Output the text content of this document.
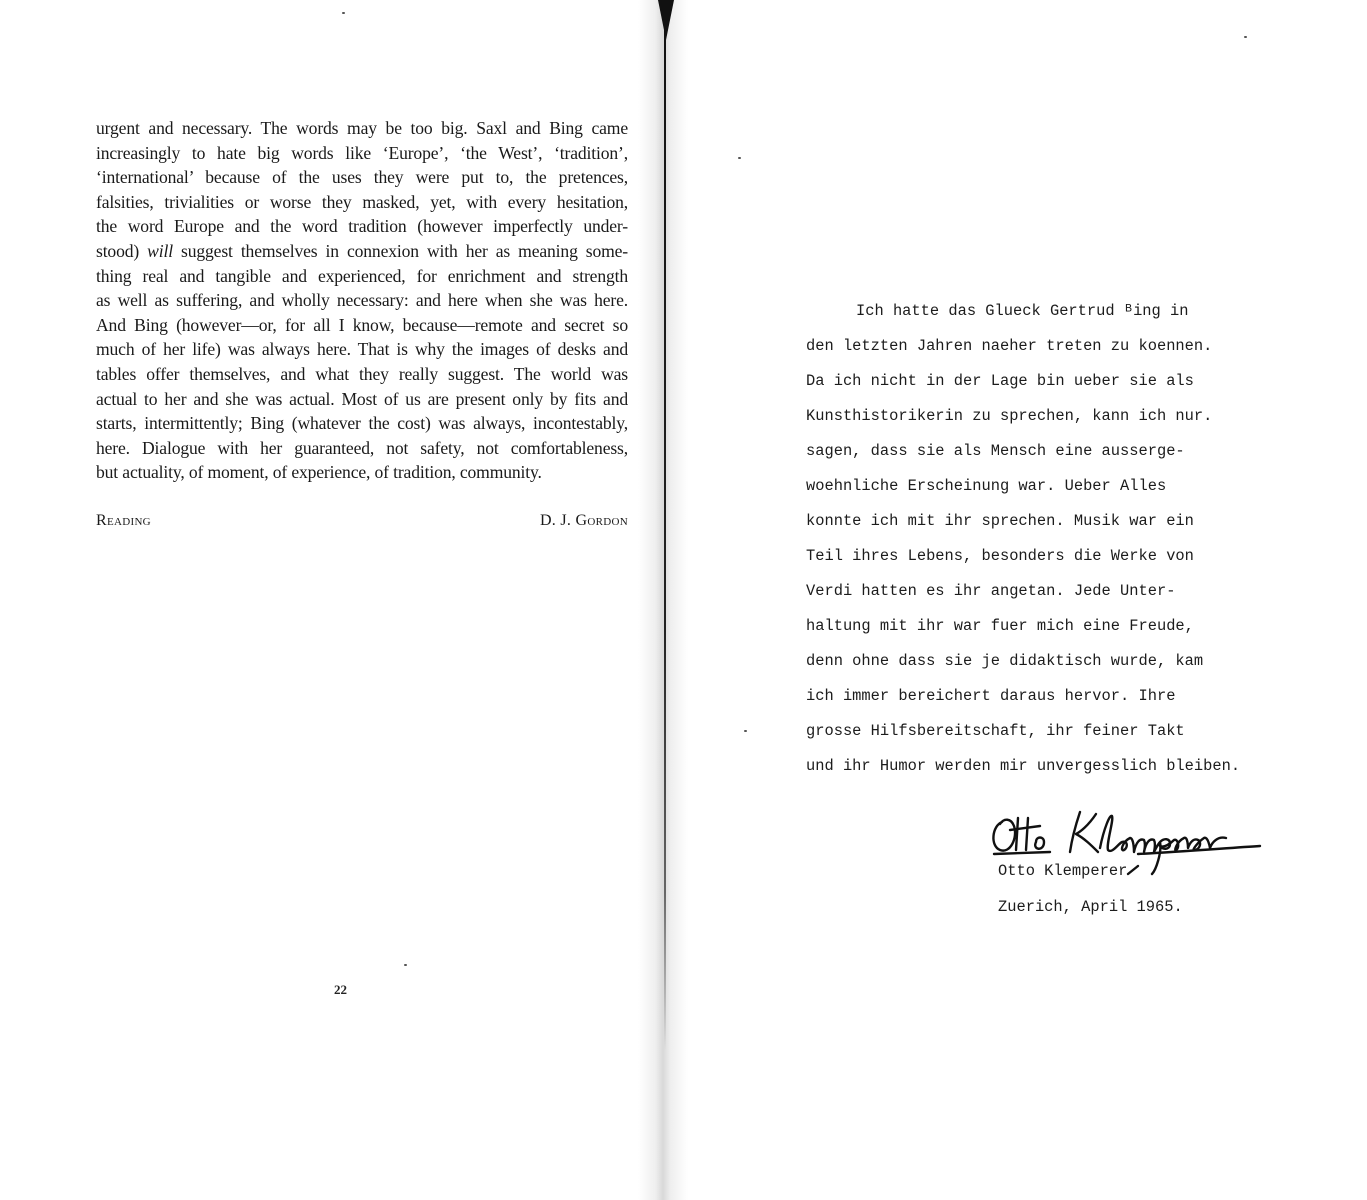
urgent and necessary. The words may be too big. Saxl and Bing came
increasingly to hate big words like ‘Europe’, ‘the West’, ‘tradition’,
‘international’ because of the uses they were put to, the pretences,
falsities, trivialities or worse they masked, yet, with every hesitation,
the word Europe and the word tradition (however imperfectly under-
stood) will suggest themselves in connexion with her as meaning some-
thing real and tangible and experienced, for enrichment and strength
as well as suffering, and wholly necessary: and here when she was here.
And Bing (however—or, for all I know, because—remote and secret so
much of her life) was always here. That is why the images of desks and
tables offer themselves, and what they really suggest. The world was
actual to her and she was actual. Most of us are present only by fits and
starts, intermittently; Bing (whatever the cost) was always, incontestably,
here. Dialogue with her guaranteed, not safety, not comfortableness,
but actuality, of moment, of experience, of tradition, community.
Reading	D. J. Gordon
22
Ich hatte das Glueck Gertrud ᴮing in
den letzten Jahren naeher treten zu koennen.
Da ich nicht in der Lage bin ueber sie als
Kunsthistorikerin zu sprechen, kann ich nur.
sagen, dass sie als Mensch eine ausserge-
woehnliche Erscheinung war. Ueber Alles
konnte ich mit ihr sprechen. Musik war ein
Teil ihres Lebens, besonders die Werke von
Verdi hatten es ihr angetan. Jede Unter-
haltung mit ihr war fuer mich eine Freude,
denn ohne dass sie je didaktisch wurde, kam
ich immer bereichert daraus hervor. Ihre
grosse Hilfsbereitschaft, ihr feiner Takt
und ihr Humor werden mir unvergesslich bleiben.
Otto Klemperer
Zuerich, April 1965.
